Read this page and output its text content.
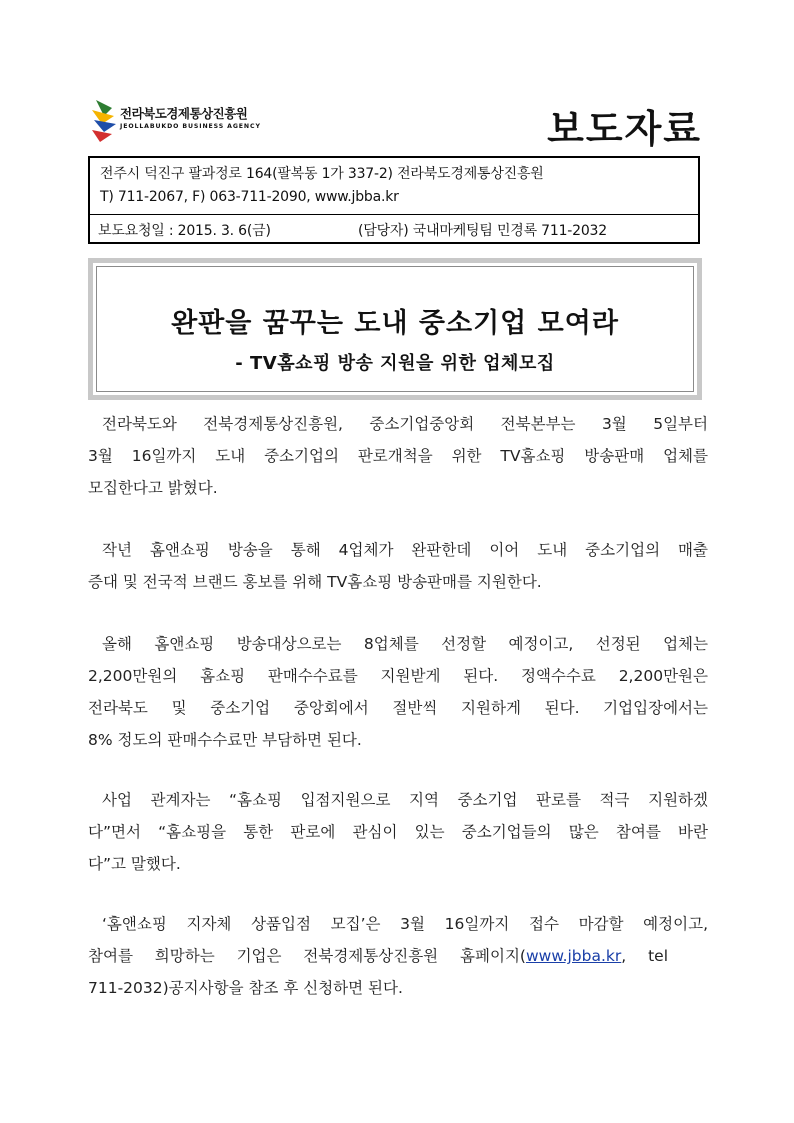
전라북도경제통상진흥원
JEOLLABUKDO BUSINESS AGENCY	보도자료
전주시 덕진구 팔과정로 164(팔복동 1가 337-2) 전라북도경제통상진흥원
T) 711-2067, F) 063-711-2090, www.jbba.kr
보도요청일 : 2015. 3. 6(금)	(담당자) 국내마케팅팀 민경록 711-2032
완판을 꿈꾸는 도내 중소기업 모여라
- TV홈쇼핑 방송 지원을 위한 업체모집
전라북도와 전북경제통상진흥원, 중소기업중앙회 전북본부는 3월 5일부터
3월 16일까지 도내 중소기업의 판로개척을 위한 TV홈쇼핑 방송판매 업체를
모집한다고 밝혔다.
작년 홈앤쇼핑 방송을 통해 4업체가 완판한데 이어 도내 중소기업의 매출
증대 및 전국적 브랜드 홍보를 위해 TV홈쇼핑 방송판매를 지원한다.
올해 홈앤쇼핑 방송대상으로는 8업체를 선정할 예정이고, 선정된 업체는
2,200만원의 홈쇼핑 판매수수료를 지원받게 된다. 정액수수료 2,200만원은
전라북도 및 중소기업 중앙회에서 절반씩 지원하게 된다. 기업입장에서는
8% 정도의 판매수수료만 부담하면 된다.
사업 관계자는 “홈쇼핑 입점지원으로 지역 중소기업 판로를 적극 지원하겠
다”면서 “홈쇼핑을 통한 판로에 관심이 있는 중소기업들의 많은 참여를 바란
다”고 말했다.
‘홈앤쇼핑 지자체 상품입점 모집’은 3월 16일까지 접수 마감할 예정이고,
참여를 희망하는 기업은 전북경제통상진흥원 홈페이지(www.jbba.kr, tel
711-2032)공지사항을 참조 후 신청하면 된다.
